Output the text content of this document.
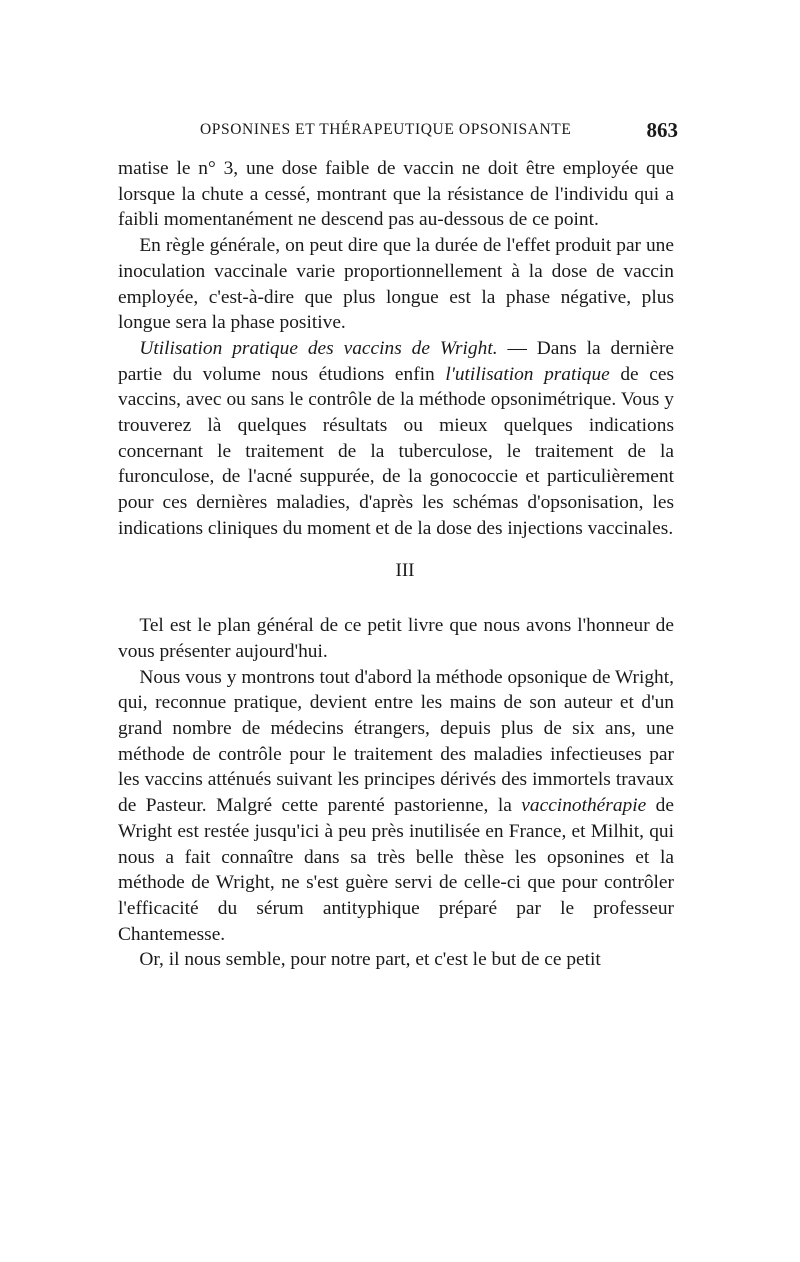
OPSONINES ET THÉRAPEUTIQUE OPSONISANTE	863

matise le n° 3, une dose faible de vaccin ne doit être employée que lorsque la chute a cessé, montrant que la résistance de l'individu qui a faibli momentanément ne descend pas au-dessous de ce point.

En règle générale, on peut dire que la durée de l'effet produit par une inoculation vaccinale varie proportionnellement à la dose de vaccin employée, c'est-à-dire que plus longue est la phase négative, plus longue sera la phase positive.

Utilisation pratique des vaccins de Wright. — Dans la dernière partie du volume nous étudions enfin l'utilisation pratique de ces vaccins, avec ou sans le contrôle de la méthode opsonimétrique. Vous y trouverez là quelques résultats ou mieux quelques indications concernant le traitement de la tuberculose, le traitement de la furonculose, de l'acné suppurée, de la gonococcie et particulièrement pour ces dernières maladies, d'après les schémas d'opsonisation, les indications cliniques du moment et de la dose des injections vaccinales.

III

Tel est le plan général de ce petit livre que nous avons l'honneur de vous présenter aujourd'hui.

Nous vous y montrons tout d'abord la méthode opsonique de Wright, qui, reconnue pratique, devient entre les mains de son auteur et d'un grand nombre de médecins étrangers, depuis plus de six ans, une méthode de contrôle pour le traitement des maladies infectieuses par les vaccins atténués suivant les principes dérivés des immortels travaux de Pasteur. Malgré cette parenté pastorienne, la vaccinothérapie de Wright est restée jusqu'ici à peu près inutilisée en France, et Milhit, qui nous a fait connaître dans sa très belle thèse les opsonines et la méthode de Wright, ne s'est guère servi de celle-ci que pour contrôler l'efficacité du sérum antityphique préparé par le professeur Chantemesse.

Or, il nous semble, pour notre part, et c'est le but de ce petit
